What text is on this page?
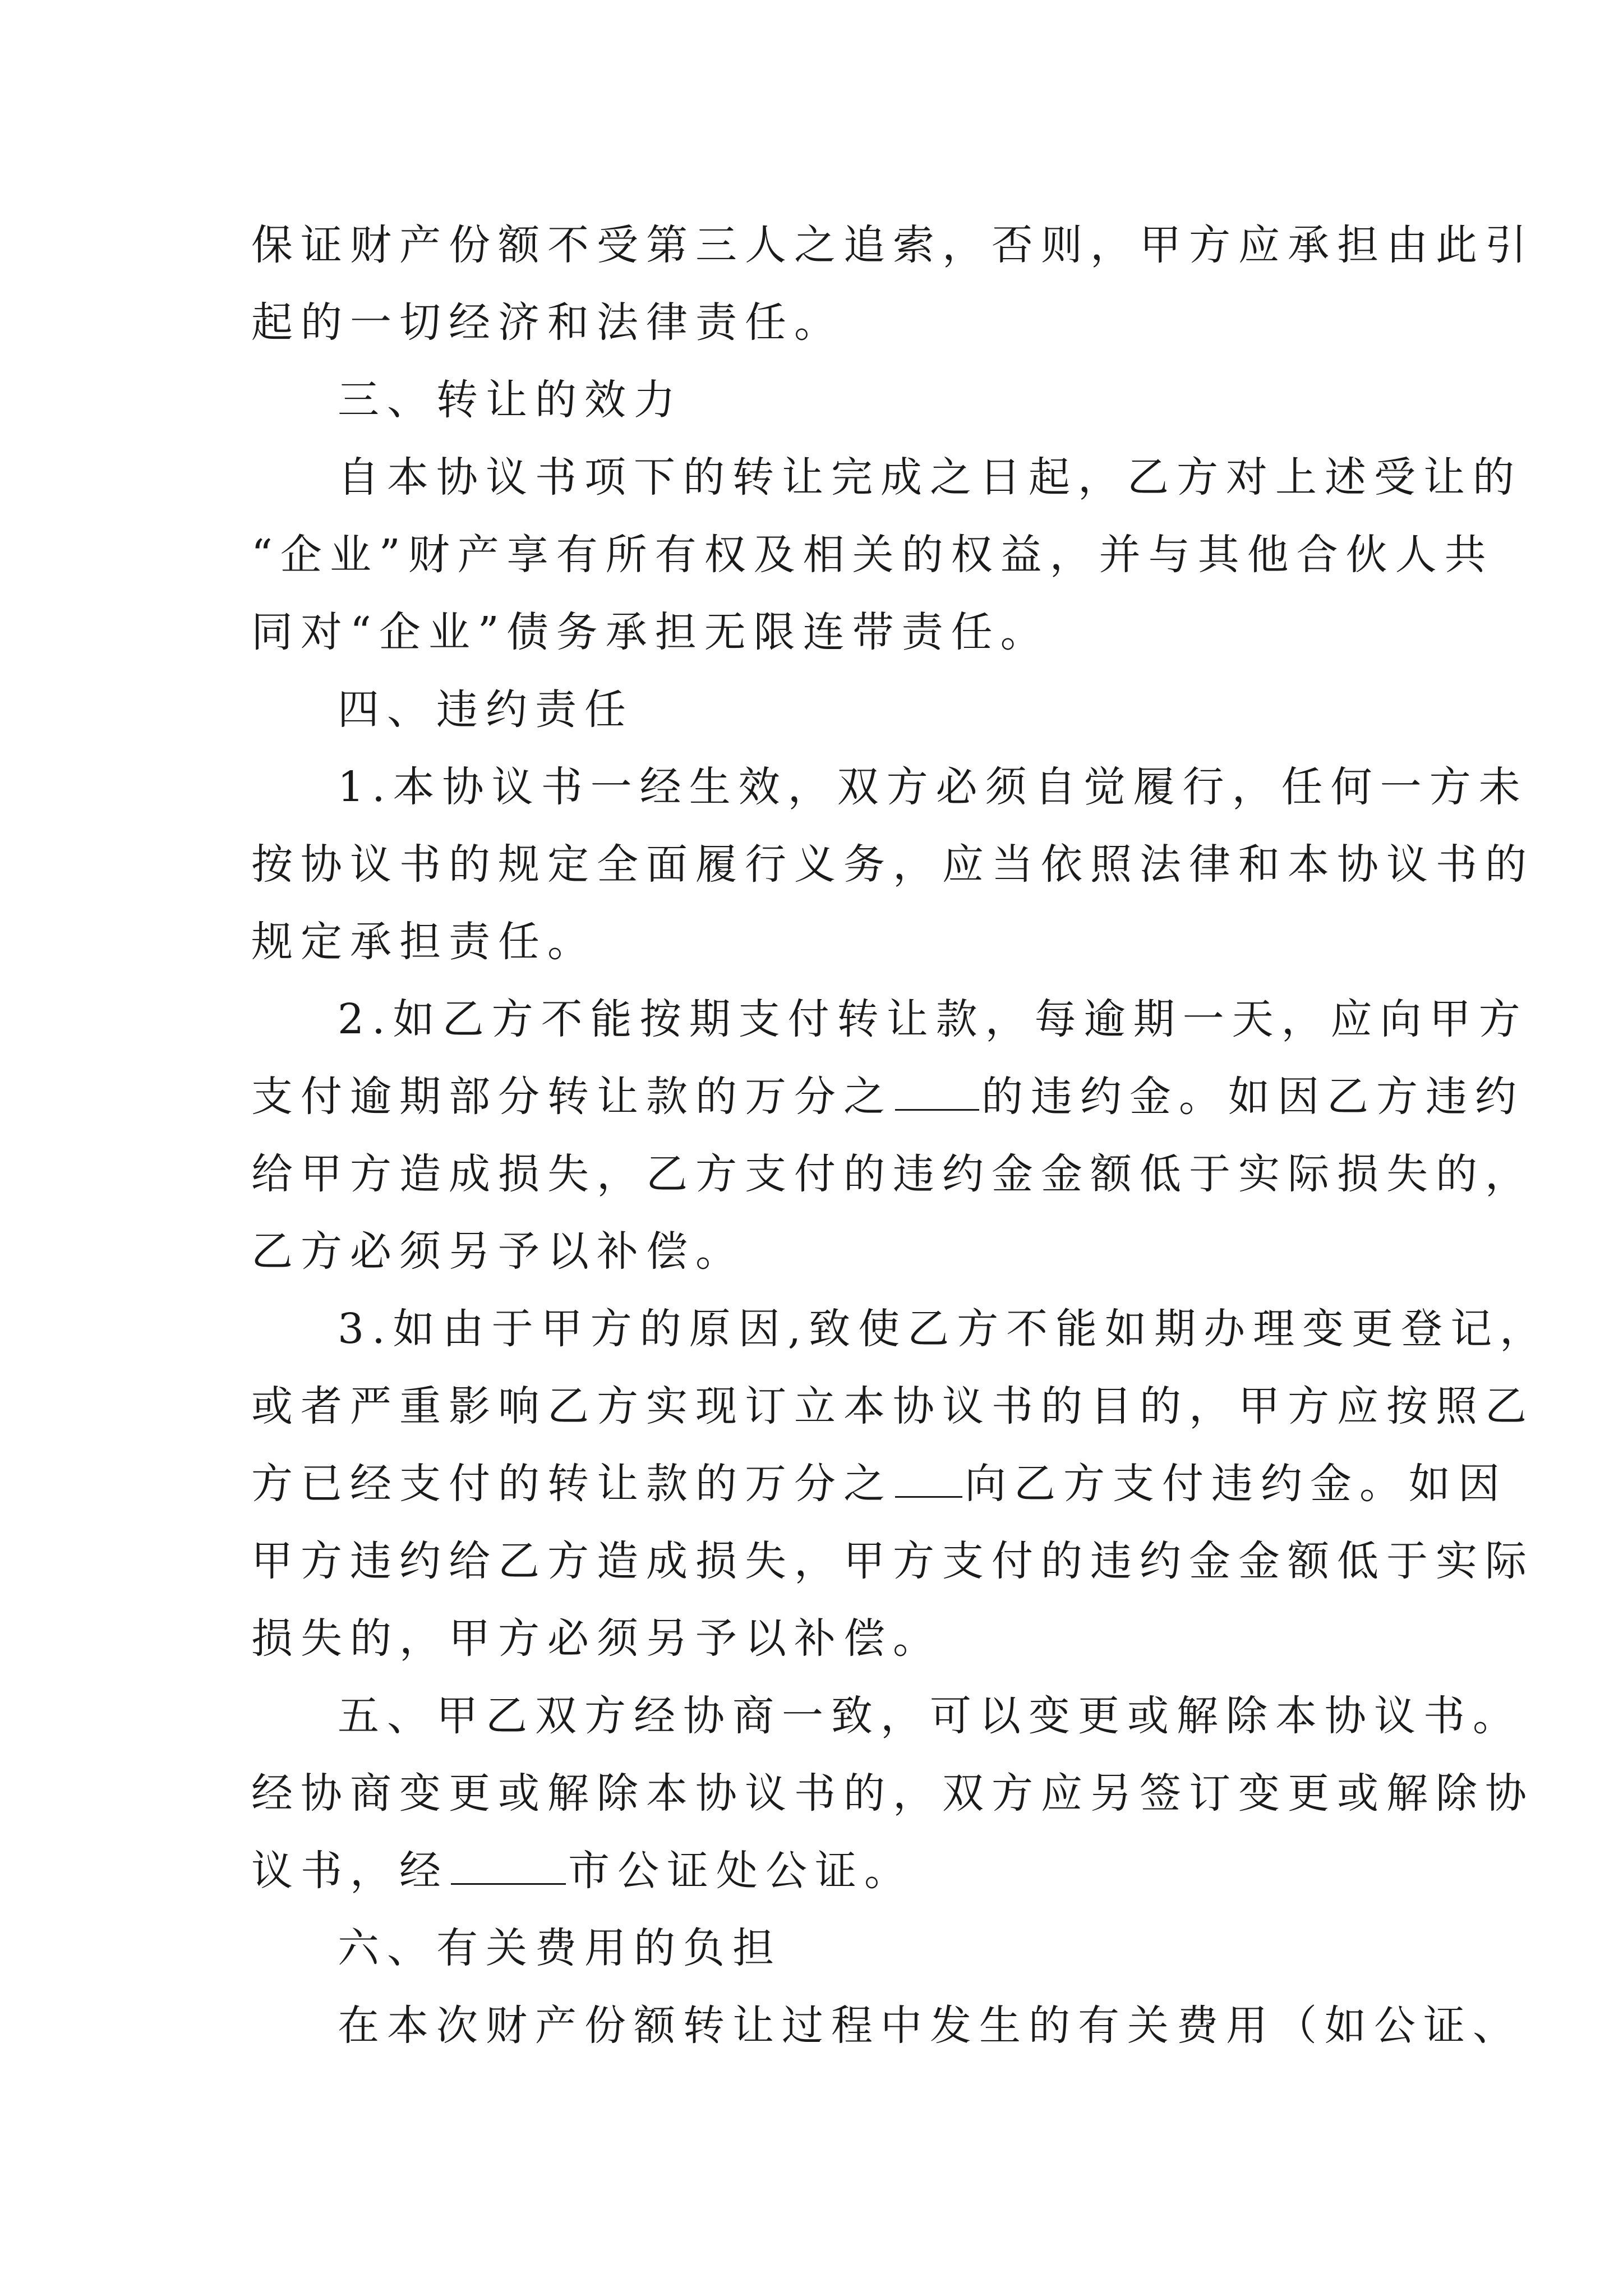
保证财产份额不受第三人之追索，否则，甲方应承担由此引
起的一切经济和法律责任。
三、转让的效力
自本协议书项下的转让完成之日起，乙方对上述受让的
“企业”财产享有所有权及相关的权益，并与其他合伙人共
同对“企业”债务承担无限连带责任。
四、违约责任
1.本协议书一经生效，双方必须自觉履行，任何一方未
按协议书的规定全面履行义务，应当依照法律和本协议书的
规定承担责任。
2.如乙方不能按期支付转让款，每逾期一天，应向甲方
支付逾期部分转让款的万分之 的违约金。如因乙方违约
给甲方造成损失，乙方支付的违约金金额低于实际损失的，
乙方必须另予以补偿。
3.如由于甲方的原因,致使乙方不能如期办理变更登记，
或者严重影响乙方实现订立本协议书的目的，甲方应按照乙
方已经支付的转让款的万分之 向乙方支付违约金。如因
甲方违约给乙方造成损失，甲方支付的违约金金额低于实际
损失的，甲方必须另予以补偿。
五、甲乙双方经协商一致，可以变更或解除本协议书。
经协商变更或解除本协议书的，双方应另签订变更或解除协
议书，经	市公证处公证。
六、有关费用的负担
在本次财产份额转让过程中发生的有关费用（如公证、
